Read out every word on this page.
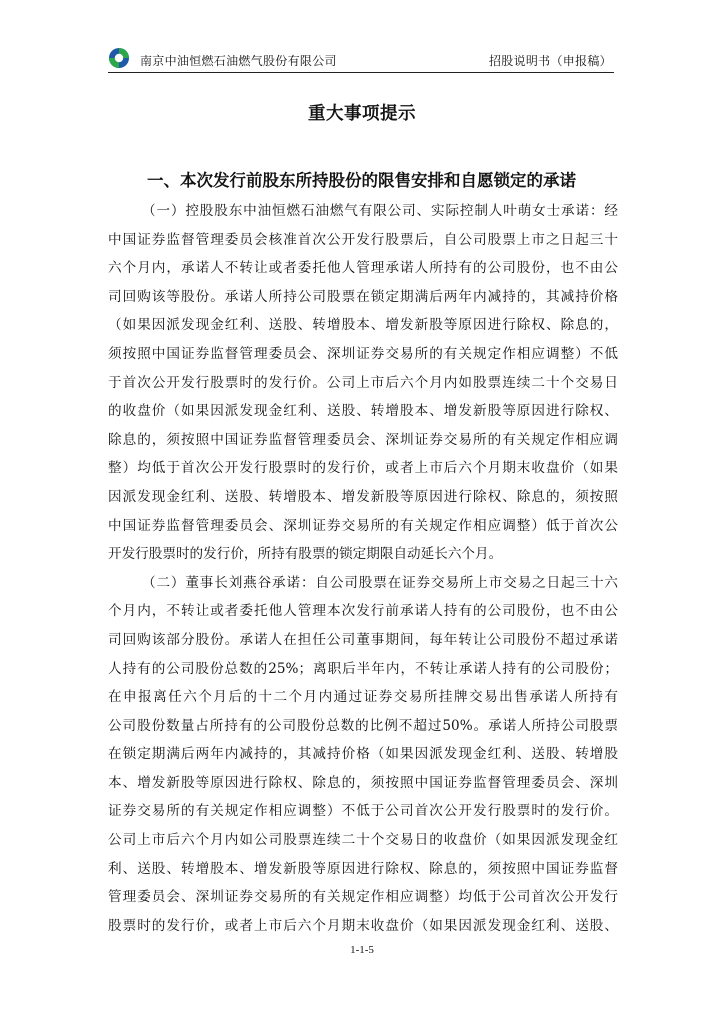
南京中油恒燃石油燃气股份有限公司	招股说明书（申报稿）
重大事项提示
一、本次发行前股东所持股份的限售安排和自愿锁定的承诺
（一）控股股东中油恒燃石油燃气有限公司、实际控制人叶萌女士承诺：经
中国证券监督管理委员会核准首次公开发行股票后，自公司股票上市之日起三十
六个月内，承诺人不转让或者委托他人管理承诺人所持有的公司股份，也不由公
司回购该等股份。承诺人所持公司股票在锁定期满后两年内减持的，其减持价格
（如果因派发现金红利、送股、转增股本、增发新股等原因进行除权、除息的，
须按照中国证券监督管理委员会、深圳证券交易所的有关规定作相应调整）不低
于首次公开发行股票时的发行价。公司上市后六个月内如股票连续二十个交易日
的收盘价（如果因派发现金红利、送股、转增股本、增发新股等原因进行除权、
除息的，须按照中国证券监督管理委员会、深圳证券交易所的有关规定作相应调
整）均低于首次公开发行股票时的发行价，或者上市后六个月期末收盘价（如果
因派发现金红利、送股、转增股本、增发新股等原因进行除权、除息的，须按照
中国证券监督管理委员会、深圳证券交易所的有关规定作相应调整）低于首次公
开发行股票时的发行价，所持有股票的锁定期限自动延长六个月。
（二）董事长刘燕谷承诺：自公司股票在证券交易所上市交易之日起三十六
个月内，不转让或者委托他人管理本次发行前承诺人持有的公司股份，也不由公
司回购该部分股份。承诺人在担任公司董事期间，每年转让公司股份不超过承诺
人持有的公司股份总数的25%；离职后半年内，不转让承诺人持有的公司股份；
在申报离任六个月后的十二个月内通过证券交易所挂牌交易出售承诺人所持有
公司股份数量占所持有的公司股份总数的比例不超过50%。承诺人所持公司股票
在锁定期满后两年内减持的，其减持价格（如果因派发现金红利、送股、转增股
本、增发新股等原因进行除权、除息的，须按照中国证券监督管理委员会、深圳
证券交易所的有关规定作相应调整）不低于公司首次公开发行股票时的发行价。
公司上市后六个月内如公司股票连续二十个交易日的收盘价（如果因派发现金红
利、送股、转增股本、增发新股等原因进行除权、除息的，须按照中国证券监督
管理委员会、深圳证券交易所的有关规定作相应调整）均低于公司首次公开发行
股票时的发行价，或者上市后六个月期末收盘价（如果因派发现金红利、送股、
1-1-5
